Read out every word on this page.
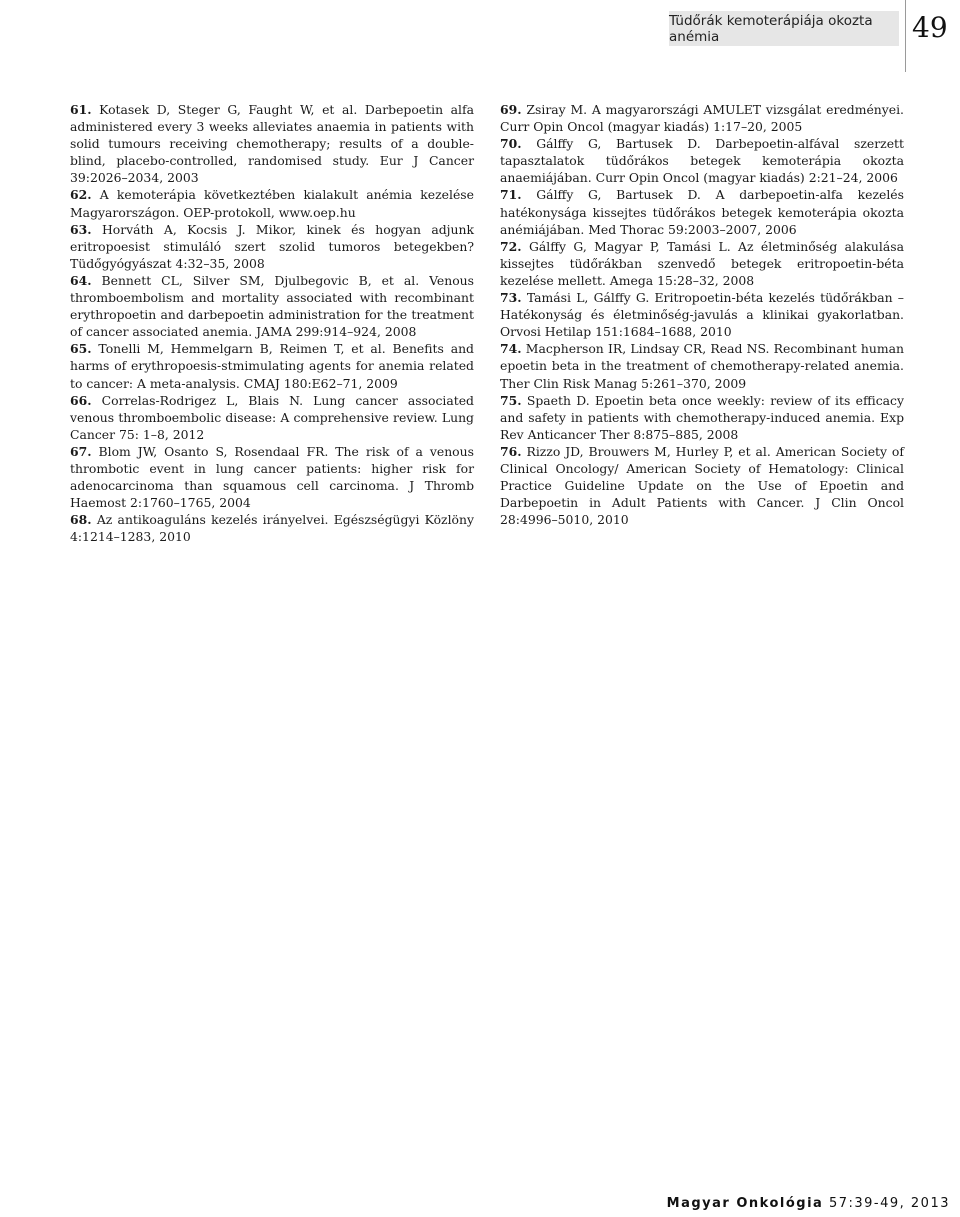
Tüdőrák kemoterápiája okozta anémia	49

61. Kotasek D, Steger G, Faught W, et al. Darbepoetin alfa administered every 3 weeks alleviates anaemia in patients with solid tumours receiving chemotherapy; results of a double-blind, placebo-controlled, randomised study. Eur J Cancer 39:2026–2034, 2003

62. A kemoterápia következtében kialakult anémia kezelése Magyarországon. OEP-protokoll, www.oep.hu

63. Horváth A, Kocsis J. Mikor, kinek és hogyan adjunk eritropoesist stimuláló szert szolid tumoros betegekben? Tüdőgyógyászat 4:32–35, 2008

64. Bennett CL, Silver SM, Djulbegovic B, et al. Venous thromboembolism and mortality associated with recombinant erythropoetin and darbepoetin administration for the treatment of cancer associated anemia. JAMA 299:914–924, 2008

65. Tonelli M, Hemmelgarn B, Reimen T, et al. Benefits and harms of erythropoesis-stmimulating agents for anemia related to cancer: A meta-analysis. CMAJ 180:E62–71, 2009

66. Correlas-Rodrigez L, Blais N. Lung cancer associated venous thromboembolic disease: A comprehensive review. Lung Cancer 75: 1–8, 2012

67. Blom JW, Osanto S, Rosendaal FR. The risk of a venous thrombotic event in lung cancer patients: higher risk for adenocarcinoma than squamous cell carcinoma. J Thromb Haemost 2:1760–1765, 2004

68. Az antikoaguláns kezelés irányelvei. Egészségügyi Közlöny 4:1214–1283, 2010

69. Zsiray M. A magyarországi AMULET vizsgálat eredményei. Curr Opin Oncol (magyar kiadás) 1:17–20, 2005

70. Gálffy G, Bartusek D. Darbepoetin-alfával szerzett tapasztalatok tüdőrákos betegek kemoterápia okozta anaemiájában. Curr Opin Oncol (magyar kiadás) 2:21–24, 2006

71. Gálffy G, Bartusek D. A darbepoetin-alfa kezelés hatékonysága kissejtes tüdőrákos betegek kemoterápia okozta anémiájában. Med Thorac 59:2003–2007, 2006

72. Gálffy G, Magyar P, Tamási L. Az életminőség alakulása kissejtes tüdőrákban szenvedő betegek eritropoetin-béta kezelése mellett. Amega 15:28–32, 2008

73. Tamási L, Gálffy G. Eritropoetin-béta kezelés tüdőrákban – Hatékonyság és életminőség-javulás a klinikai gyakorlatban. Orvosi Hetilap 151:1684–1688, 2010

74. Macpherson IR, Lindsay CR, Read NS. Recombinant human epoetin beta in the treatment of chemotherapy-related anemia. Ther Clin Risk Manag 5:261–370, 2009

75. Spaeth D. Epoetin beta once weekly: review of its efficacy and safety in patients with chemotherapy-induced anemia. Exp Rev Anticancer Ther 8:875–885, 2008

76. Rizzo JD, Brouwers M, Hurley P, et al. American Society of Clinical Oncology/ American Society of Hematology: Clinical Practice Guideline Update on the Use of Epoetin and Darbepoetin in Adult Patients with Cancer. J Clin Oncol 28:4996–5010, 2010

Magyar Onkológia 57:39-49, 2013
